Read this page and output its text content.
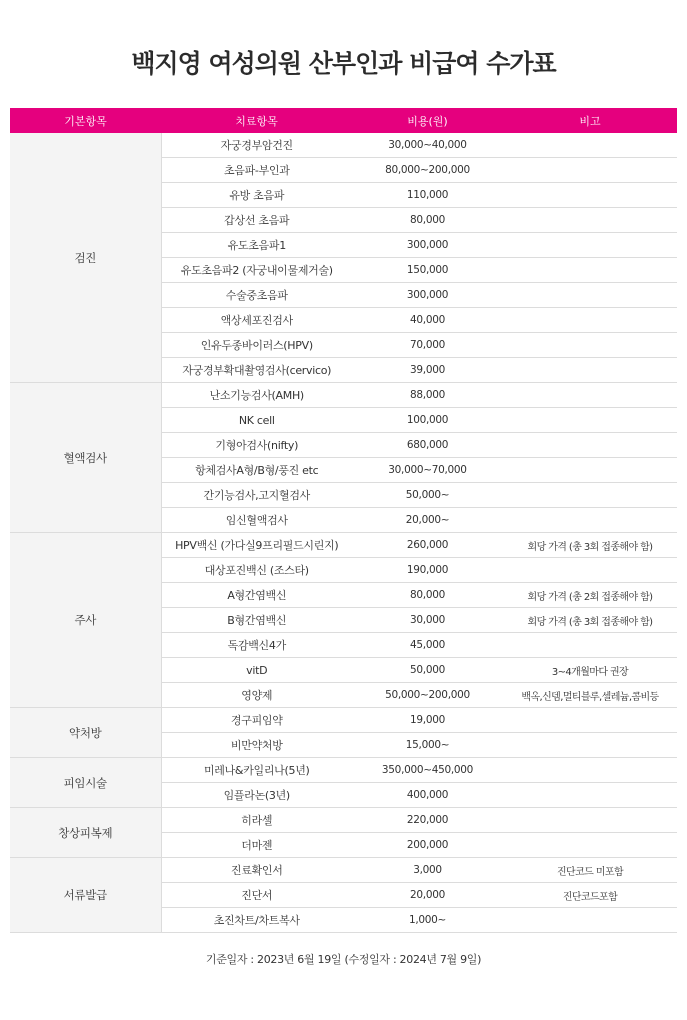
백지영 여성의원 산부인과 비급여 수가표
기본항목	치료항목	비용(원)	비고
검진	자궁경부암건진	30,000~40,000	
	초음파-부인과	80,000~200,000	
	유방 초음파	110,000	
	갑상선 초음파	80,000	
	유도초음파1	300,000	
	유도초음파2 (자궁내이물제거술)	150,000	
	수술중초음파	300,000	
	액상세포진검사	40,000	
	인유두종바이러스(HPV)	70,000	
	자궁경부확대촬영검사(cervico)	39,000	
혈액검사	난소기능검사(AMH)	88,000	
	NK cell	100,000	
	기형아검사(nifty)	680,000	
	항체검사A형/B형/풍진 etc	30,000~70,000	
	간기능검사,고지혈검사	50,000~	
	임신혈액검사	20,000~	
주사	HPV백신 (가다실9프리필드시린지)	260,000	회당 가격 (총 3회 접종해야 함)
	대상포진백신 (조스타)	190,000	
	A형간염백신	80,000	회당 가격 (총 2회 접종해야 함)
	B형간염백신	30,000	회당 가격 (총 3회 접종해야 함)
	독감백신4가	45,000	
	vitD	50,000	3~4개월마다 권장
	영양제	50,000~200,000	백옥,신뎀,멀티블루,셀레늄,콤비등
약처방	경구피임약	19,000	
	비만약처방	15,000~	
피임시술	미레나&카일리나(5년)	350,000~450,000	
	임플라논(3년)	400,000	
창상피복제	히라셀	220,000	
	더마젠	200,000	
서류발급	진료확인서	3,000	진단코드 미포함
	진단서	20,000	진단코드포함
	초진차트/차트복사	1,000~	
기준일자 : 2023년 6월 19일 (수정일자 : 2024년 7월 9일)
